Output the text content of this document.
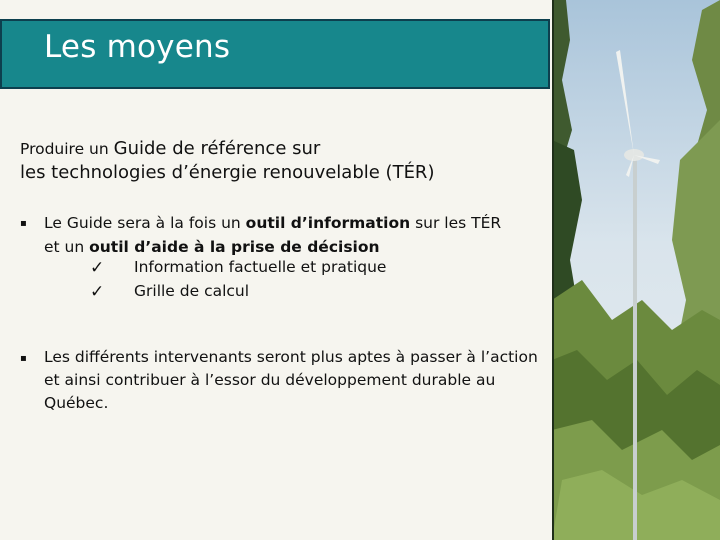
Les moyens
Produire un Guide de référence sur
les technologies d’énergie renouvelable (TÉR)
▪	Le Guide sera à la fois un outil d’information sur les TÉR
et un outil d’aide à la prise de décision
✓	Information factuelle et pratique
✓	Grille de calcul
▪	Les différents intervenants seront plus aptes à passer à l’action et ainsi contribuer à l’essor du développement durable au Québec.
